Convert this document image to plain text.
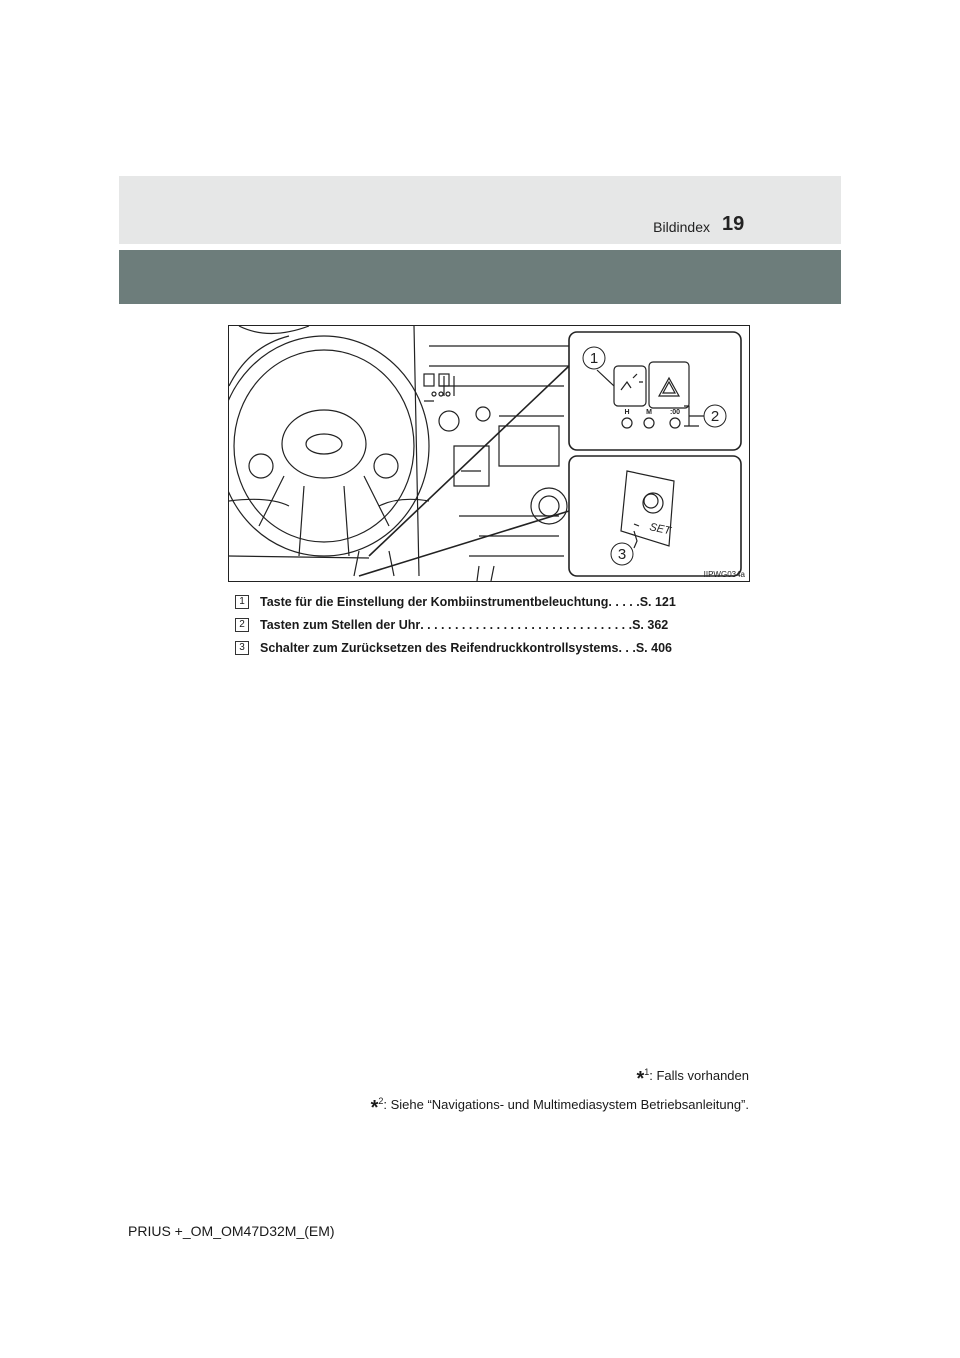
Bildindex 19
1
2
3
H M	:00
SET
IIPWG034a
1	Taste für die Einstellung der Kombiinstrumentbeleuchtung. . . . .S. 121
2	Tasten zum Stellen der Uhr. . . . . . . . . . . . . . . . . . . . . . . . . . . . . . .S. 362
3	Schalter zum Zurücksetzen des Reifendruckkontrollsystems. . .S. 406
*$^1$: Falls vorhanden
*$^2$: Siehe “Navigations- und Multimediasystem Betriebsanleitung”.
PRIUS +_OM_OM47D32M_(EM)
